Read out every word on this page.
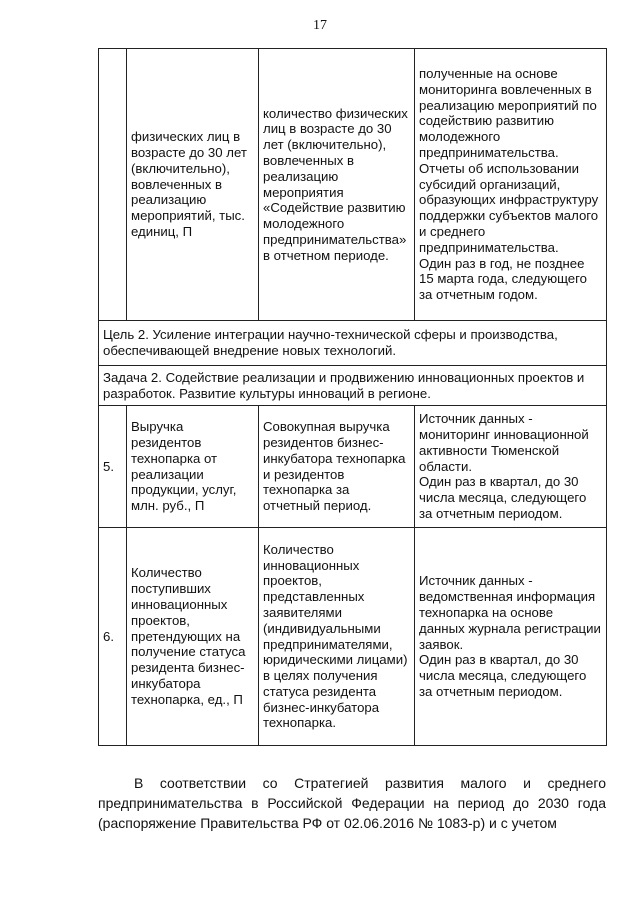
17
	физических лиц в возрасте до 30 лет (включительно), вовлеченных в реализацию мероприятий, тыс. единиц, П	количество физических лиц в возрасте до 30 лет (включительно), вовлеченных в реализацию мероприятия «Содействие развитию молодежного предпринимательства» в отчетном периоде.	полученные на основе мониторинга вовлеченных в реализацию мероприятий по содействию развитию молодежного предпринимательства.
Отчеты об использовании субсидий организаций, образующих инфраструктуру поддержки субъектов малого и среднего предпринимательства.
Один раз в год, не позднее 15 марта года, следующего за отчетным годом.

Цель 2. Усиление интеграции научно-технической сферы и производства, обеспечивающей внедрение новых технологий.			
Задача 2. Содействие реализации и продвижению инновационных проектов и разработок. Развитие культуры инноваций в регионе.			
5.	Выручка резидентов технопарка от реализации продукции, услуг, млн. руб., П	Совокупная выручка резидентов бизнес-инкубатора технопарка и резидентов технопарка за отчетный период.	Источник данных - мониторинг инновационной активности Тюменской области.
Один раз в квартал, до 30 числа месяца, следующего за отчетным периодом.

6.	Количество поступивших инновационных проектов, претендующих на получение статуса резидента бизнес-инкубатора технопарка, ед., П	Количество инновационных проектов, представленных заявителями (индивидуальными предпринимателями, юридическими лицами) в целях получения статуса резидента бизнес-инкубатора технопарка.	Источник данных - ведомственная информация технопарка на основе данных журнала регистрации заявок.
Один раз в квартал, до 30 числа месяца, следующего за отчетным периодом.
В соответствии со Стратегией развития малого и среднего предпринимательства в Российской Федерации на период до 2030 года (распоряжение Правительства РФ от 02.06.2016 № 1083-р) и с учетом
